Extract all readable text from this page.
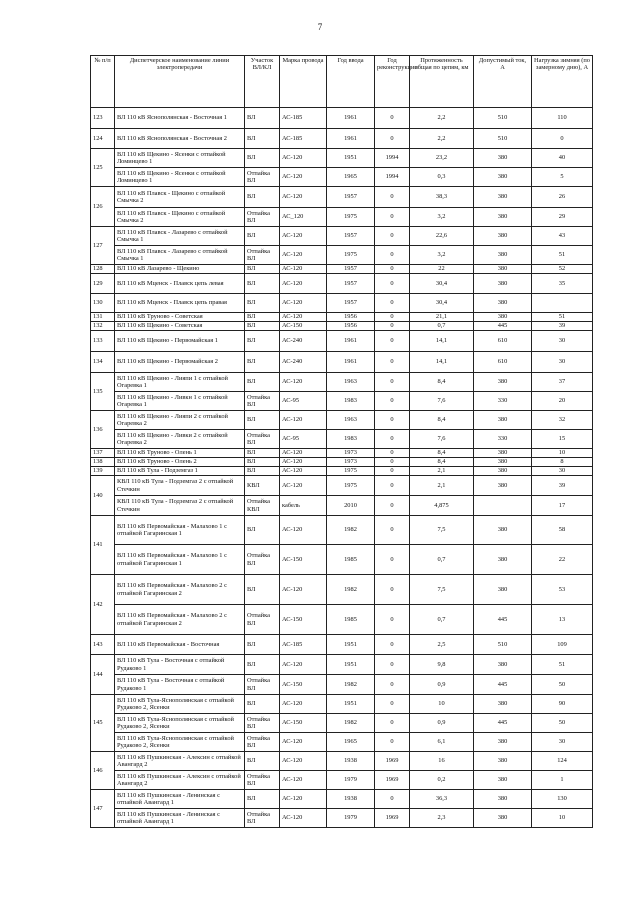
7
№ п/п	Диспетчерское наименование линии электропередачи	Участок ВЛ/КЛ	Марка провода	Год ввода	Год реконструкции	Протяженность общая по цепям, км	Допустимый ток, А	Нагрузка зимняя (по замерному дню), А
123	ВЛ 110 кВ Яснополянская - Восточная 1	ВЛ	АС-185	1961	0	2,2	510	110
124	ВЛ 110 кВ Яснополянская - Восточная 2	ВЛ	АС-185	1961	0	2,2	510	0
125	ВЛ 110 кВ Щекино - Ясенки с отпайкой Ломинцево 1	ВЛ	АС-120	1951	1994	23,2	380	40
	ВЛ 110 кВ Щекино - Ясенки с отпайкой Ломинцево 1	Отпайка ВЛ	АС-120	1965	1994	0,3	380	5
126	ВЛ 110 кВ Плавск - Щекино с отпайкой Смычка 2	ВЛ	АС-120	1957	0	38,3	380	26
	ВЛ 110 кВ Плавск - Щекино с отпайкой Смычка 2	Отпайка ВЛ	АС_120	1975	0	3,2	380	29
127	ВЛ 110 кВ Плавск - Лазарево с отпайкой Смычка 1	ВЛ	АС-120	1957	0	22,6	380	43
	ВЛ 110 кВ Плавск - Лазарево с отпайкой Смычка 1	Отпайка ВЛ	АС-120	1975	0	3,2	380	51
128	ВЛ 110 кВ Лазарево - Щекино	ВЛ	АС-120	1957	0	22	380	52
129	ВЛ 110 кВ Мценск - Плавск цепь левая	ВЛ	АС-120	1957	0	30,4	380	35
130	ВЛ 110 кВ Мценск - Плавск цепь правая	ВЛ	АС-120	1957	0	30,4	380	
131	ВЛ 110 кВ Труново - Советская	ВЛ	АС-120	1956	0	21,1	380	51
132	ВЛ 110 кВ Щекино - Советская	ВЛ	АС-150	1956	0	0,7	445	39
133	ВЛ 110 кВ Щекино - Первомайская 1	ВЛ	АС-240	1961	0	14,1	610	30
134	ВЛ 110 кВ Щекино - Первомайская 2	ВЛ	АС-240	1961	0	14,1	610	30
135	ВЛ 110 кВ Щекино - Лияпи 1 с отпайкой Огаревка 1	ВЛ	АС-120	1963	0	8,4	380	37
	ВЛ 110 кВ Щекино - Ливкн 1 с отпайкой Огаревка 1	Отпайка ВЛ	АС-95	1983	0	7,6	330	20
136	ВЛ 110 кВ Щекино - Лияпи 2 с отпайкой Огаревка 2	ВЛ	АС-120	1963	0	8,4	380	32
	ВЛ 110 кВ Щекино - Ливки 2 с отпайкой Огаревка 2	Отпайка ВЛ	АС-95	1983	0	7,6	330	15
137	ВЛ 110 кВ Труново - Олень 1	ВЛ	АС-120	1973	0	8,4	380	10
138	ВЛ 110 кВ Труново - Олень 2	ВЛ	АС-120	1973	0	8,4	380	8
139	ВЛ 110 кВ Тула - Подземгаз 1	ВЛ	АС-120	1975	0	2,1	380	30
140	КВЛ 110 кВ Тула - Подземгаз 2 с отпайкой Стечкин	КВЛ	АС-120	1975	0	2,1	380	39
	КВЛ 110 кВ Тула - Подземгаз 2 с отпайкой Стечкин	Отпайка КВЛ	кабель	2010	0	4,875		17
141	ВЛ 110 кВ Первомайская - Малахово 1 с отпайкой Гагаринская 1	ВЛ	АС-120	1982	0	7,5	380	58
	ВЛ 110 кВ Первомайская - Малахово 1 с отпайкой Гагаринская 1	Отпайка ВЛ	АС-150	1985	0	0,7	380	22
142	ВЛ 110 кВ Первомайская - Малахово 2 с отпайкой Гагаринская 2	ВЛ	АС-120	1982	0	7,5	380	53
	ВЛ 110 кВ Первомайская - Малахово 2 с отпайкой Гагаринская 2	Отпайка ВЛ	АС-150	1985	0	0,7	445	13
143	ВЛ 110 кВ Первомайская - Восточная	ВЛ	АС-185	1951	0	2,5	510	109
144	ВЛ 110 кВ Тула - Восточная с отпайкой Рудаково 1	ВЛ	АС-120	1951	0	9,8	380	51
	ВЛ 110 кВ Тула - Восточная с отпайкой Рудаково 1	Отпайка ВЛ	АС-150	1982	0	0,9	445	50
145	ВЛ 110 кВ Тула-Яснополянская с отпайкой Рудаково 2, Ясенки	ВЛ	АС-120	1951	0	10	380	90
	ВЛ 110 кВ Тула-Яснополянская с отпайкой Рудаково 2, Ясенки	Отпайка ВЛ	АС-150	1982	0	0,9	445	50
	ВЛ 110 кВ Тула-Яснополянская с отпайкой Рудаково 2, Ясенки	Отпайка ВЛ	АС-120	1965	0	6,1	380	30
146	ВЛ 110 кВ Пушкинская - Алексин с отпайкой Авангард 2	ВЛ	АС-120	1938	1969	16	380	124
	ВЛ 110 кВ Пушкинская - Алексин с отпайкой Авангард 2	Отпайка ВЛ	АС-120	1979	1969	0,2	380	1
147	ВЛ 110 кВ Пушкинская - Ленинская с отпайкой Авангард 1	ВЛ	АС-120	1938	0	36,3	380	130
	ВЛ 110 кВ Пушкинская - Ленинская с отпайкой Авангард 1	Отпайка ВЛ	АС-120	1979	1969	2,3	380	10
